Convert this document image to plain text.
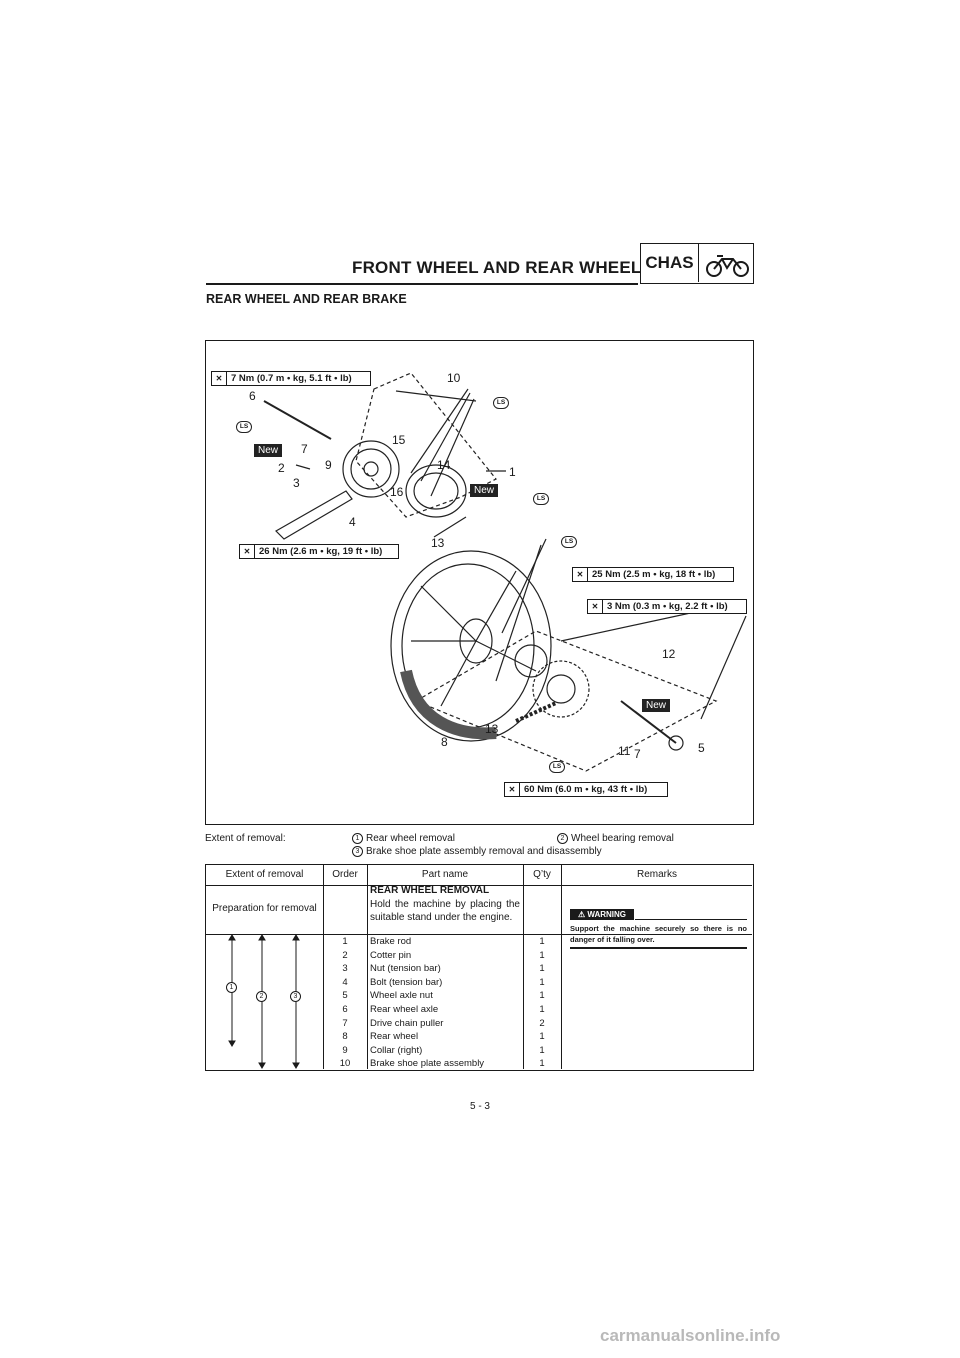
FRONT WHEEL AND REAR WHEEL CHAS
REAR WHEEL AND REAR BRAKE
✕ 7 Nm (0.7 m • kg, 5.1 ft • lb)
✕ 26 Nm (2.6 m • kg, 19 ft • lb)
✕ 25 Nm (2.5 m • kg, 18 ft • lb)
✕ 3 Nm (0.3 m • kg, 2.2 ft • lb)
✕ 60 Nm (6.0 m • kg, 43 ft • lb)
10
6
15
7
9	14	1
2
16
3
4
13
12
13
8
11 7	5
New
New
New
LS
LS
LS
LS
LS
Extent of removal:	1 Rear wheel removal	2 Wheel bearing removal
3 Brake shoe plate assembly removal and disassembly
Extent of removal	Order	Part name	Q’ty	Remarks
Preparation for removal
REAR WHEEL REMOVAL
Hold the machine by placing the suitable stand under the engine.	⚠ WARNING
Support the machine securely so there is no danger of it falling over.
1
2	3
1	Brake rod	1
2	Cotter pin	1
3	Nut (tension bar)	1
4	Bolt (tension bar)	1
5	Wheel axle nut	1
6	Rear wheel axle	1
7	Drive chain puller	2
8	Rear wheel	1
9	Collar (right)	1
10	Brake shoe plate assembly	1
5 - 3
carmanualsonline.info
